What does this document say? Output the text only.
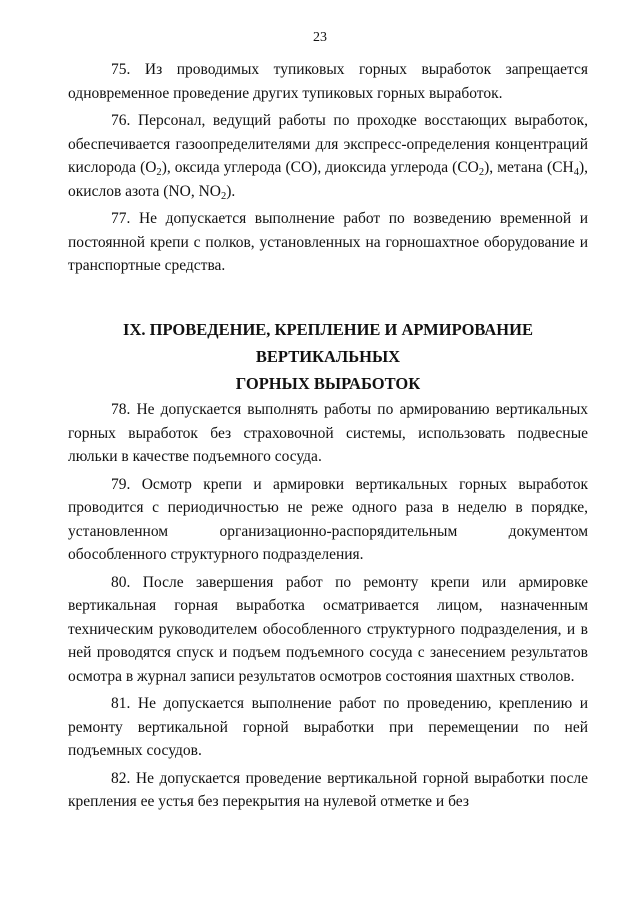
23

75. Из проводимых тупиковых горных выработок запрещается одновременное проведение других тупиковых горных выработок.

76. Персонал, ведущий работы по проходке восстающих выработок, обеспечивается газоопределителями для экспресс-определения концентраций кислорода $(O_2)$, оксида углерода (CO), диоксида углерода $(CO_2)$, метана $(CH_4)$, окислов азота (NO, $NO_2$).

77. Не допускается выполнение работ по возведению временной и постоянной крепи с полков, установленных на горношахтное оборудование и транспортные средства.

IX. ПРОВЕДЕНИЕ, КРЕПЛЕНИЕ И АРМИРОВАНИЕ ВЕРТИКАЛЬНЫХ
ГОРНЫХ ВЫРАБОТОК

78. Не допускается выполнять работы по армированию вертикальных горных выработок без страховочной системы, использовать подвесные люльки в качестве подъемного сосуда.

79. Осмотр крепи и армировки вертикальных горных выработок проводится с периодичностью не реже одного раза в неделю в порядке, установленном организационно-распорядительным документом обособленного структурного подразделения.

80. После завершения работ по ремонту крепи или армировке вертикальная горная выработка осматривается лицом, назначенным техническим руководителем обособленного структурного подразделения, и в ней проводятся спуск и подъем подъемного сосуда с занесением результатов осмотра в журнал записи результатов осмотров состояния шахтных стволов.

81. Не допускается выполнение работ по проведению, креплению и ремонту вертикальной горной выработки при перемещении по ней подъемных сосудов.

82. Не допускается проведение вертикальной горной выработки после крепления ее устья без перекрытия на нулевой отметке и без
